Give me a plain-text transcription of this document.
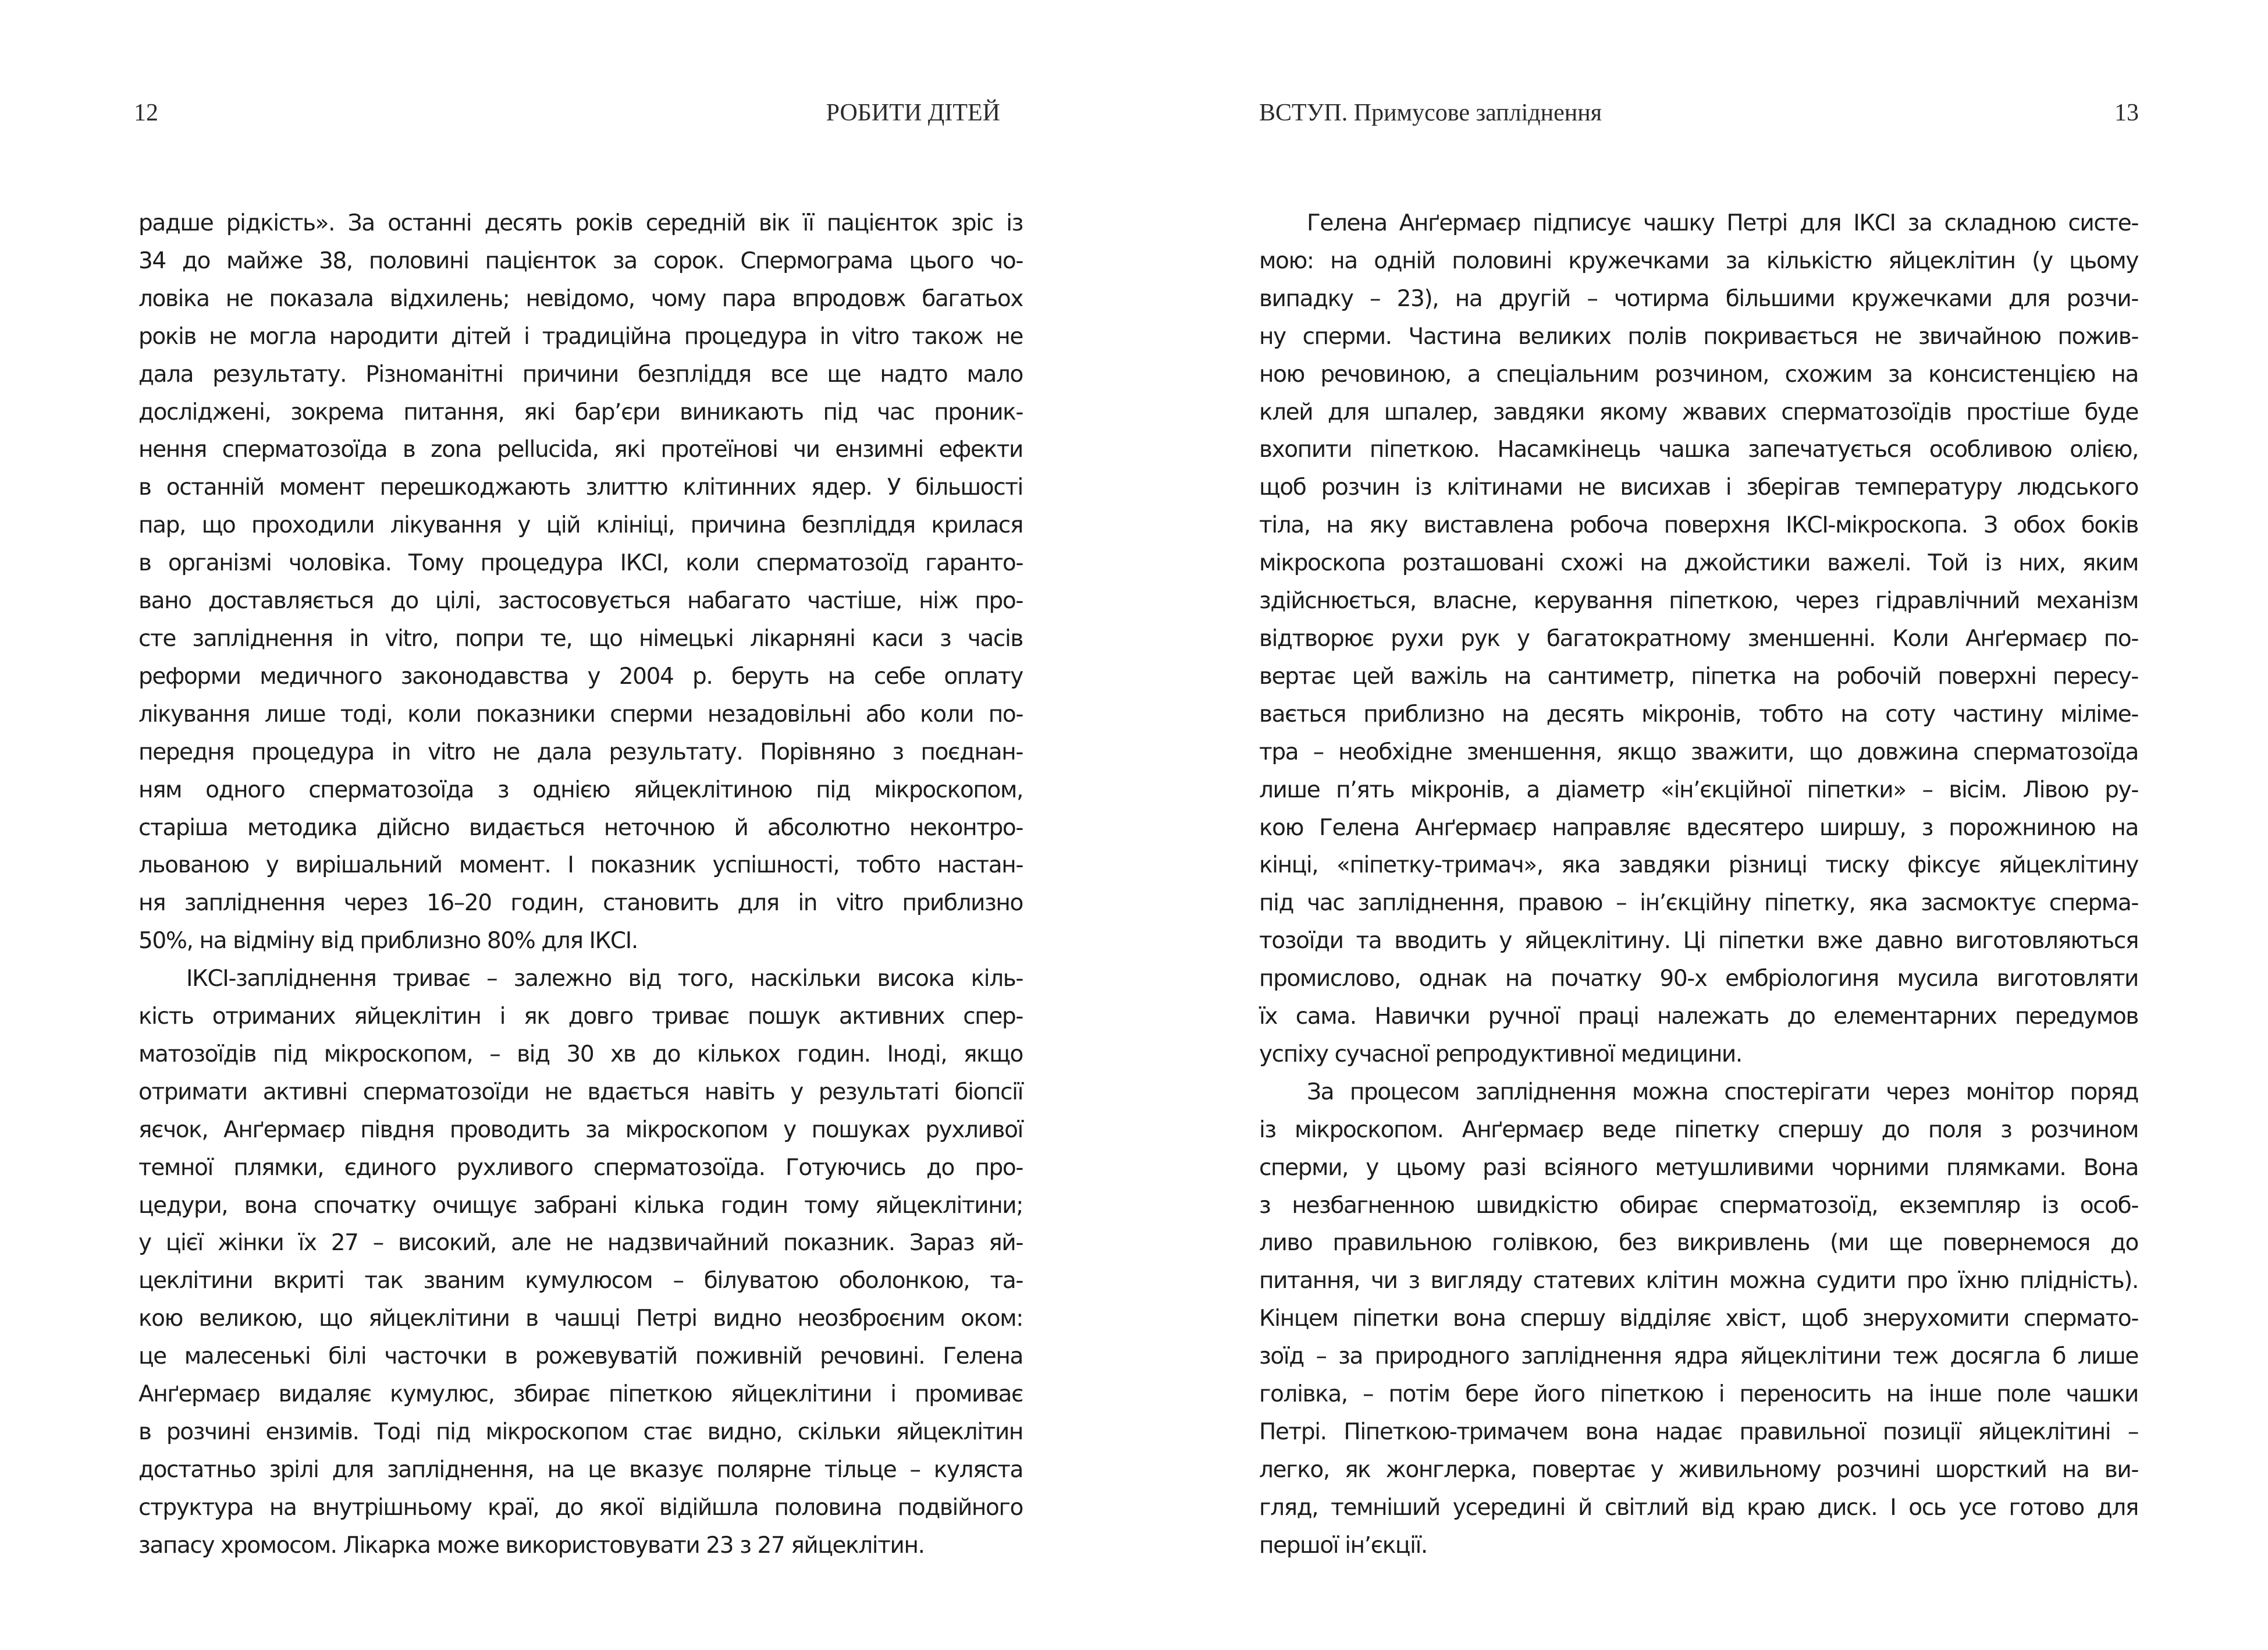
12	РОБИТИ ДІТЕЙ

радше рідкість». За останні десять років середній вік її пацієнток зріс із
34 до майже 38, половині пацієнток за сорок. Спермограма цього чо-
ловіка не показала відхилень; невідомо, чому пара впродовж багатьох
років не могла народити дітей і традиційна процедура in vitro також не
дала результату. Різноманітні причини безпліддя все ще надто мало
досліджені, зокрема питання, які бар’єри виникають під час проник-
нення сперматозоїда в zona pellucida, які протеїнові чи ензимні ефекти
в останній момент перешкоджають злиттю клітинних ядер. У більшості
пар, що проходили лікування у цій клініці, причина безпліддя крилася
в організмі чоловіка. Тому процедура ІКСІ, коли сперматозоїд гаранто-
вано доставляється до цілі, застосовується набагато частіше, ніж про-
сте запліднення in vitro, попри те, що німецькі лікарняні каси з часів
реформи медичного законодавства у 2004 р. беруть на себе оплату
лікування лише тоді, коли показники сперми незадовільні або коли по-
передня процедура in vitro не дала результату. Порівняно з поєднан-
ням одного сперматозоїда з однією яйцеклітиною під мікроскопом,
старіша методика дійсно видається неточною й абсолютно неконтро-
льованою у вирішальний момент. І показник успішності, тобто настан-
ня запліднення через 16–20 годин, становить для in vitro приблизно
50%, на відміну від приблизно 80% для ІКСІ.

ІКСІ-запліднення триває – залежно від того, наскільки висока кіль-
кість отриманих яйцеклітин і як довго триває пошук активних спер-
матозоїдів під мікроскопом, – від 30 хв до кількох годин. Іноді, якщо
отримати активні сперматозоїди не вдається навіть у результаті біопсії
яєчок, Анґермаєр півдня проводить за мікроскопом у пошуках рухливої
темної плямки, єдиного рухливого сперматозоїда. Готуючись до про-
цедури, вона спочатку очищує забрані кілька годин тому яйцеклітини;
у цієї жінки їх 27 – високий, але не надзвичайний показник. Зараз яй-
цеклітини вкриті так званим кумулюсом – білуватою оболонкою, та-
кою великою, що яйцеклітини в чашці Петрі видно неозброєним оком:
це малесенькі білі часточки в рожевуватій поживній речовині. Гелена
Анґермаєр видаляє кумулюс, збирає піпеткою яйцеклітини і промиває
в розчині ензимів. Тоді під мікроскопом стає видно, скільки яйцеклітин
достатньо зрілі для запліднення, на це вказує полярне тільце – куляста
структура на внутрішньому краї, до якої відійшла половина подвійного
запасу хромосом. Лікарка може використовувати 23 з 27 яйцеклітин.

ВСТУП. Примусове запліднення	13

Гелена Анґермаєр підписує чашку Петрі для ІКСІ за складною систе-
мою: на одній половині кружечками за кількістю яйцеклітин (у цьому
випадку – 23), на другій – чотирма більшими кружечками для розчи-
ну сперми. Частина великих полів покривається не звичайною пожив-
ною речовиною, а спеціальним розчином, схожим за консистенцією на
клей для шпалер, завдяки якому жвавих сперматозоїдів простіше буде
вхопити піпеткою. Насамкінець чашка запечатується особливою олією,
щоб розчин із клітинами не висихав і зберігав температуру людського
тіла, на яку виставлена робоча поверхня ІКСІ-мікроскопа. З обох боків
мікроскопа розташовані схожі на джойстики важелі. Той із них, яким
здійснюється, власне, керування піпеткою, через гідравлічний механізм
відтворює рухи рук у багатократному зменшенні. Коли Анґермаєр по-
вертає цей важіль на сантиметр, піпетка на робочій поверхні пересу-
вається приблизно на десять мікронів, тобто на соту частину міліме-
тра – необхідне зменшення, якщо зважити, що довжина сперматозоїда
лише п’ять мікронів, а діаметр «ін’єкційної піпетки» – вісім. Лівою ру-
кою Гелена Анґермаєр направляє вдесятеро ширшу, з порожниною на
кінці, «піпетку-тримач», яка завдяки різниці тиску фіксує яйцеклітину
під час запліднення, правою – ін’єкційну піпетку, яка засмоктує сперма-
тозоїди та вводить у яйцеклітину. Ці піпетки вже давно виготовляються
промислово, однак на початку 90-х ембріологиня мусила виготовляти
їх сама. Навички ручної праці належать до елементарних передумов
успіху сучасної репродуктивної медицини.

За процесом запліднення можна спостерігати через монітор поряд
із мікроскопом. Анґермаєр веде піпетку спершу до поля з розчином
сперми, у цьому разі всіяного метушливими чорними плямками. Вона
з незбагненною швидкістю обирає сперматозоїд, екземпляр із особ-
ливо правильною голівкою, без викривлень (ми ще повернемося до
питання, чи з вигляду статевих клітин можна судити про їхню плідність).
Кінцем піпетки вона спершу відділяє хвіст, щоб знерухомити спермато-
зоїд – за природного запліднення ядра яйцеклітини теж досягла б лише
голівка, – потім бере його піпеткою і переносить на інше поле чашки
Петрі. Піпеткою-тримачем вона надає правильної позиції яйцеклітині –
легко, як жонглерка, повертає у живильному розчині шорсткий на ви-
гляд, темніший усередині й світлий від краю диск. І ось усе готово для
першої ін’єкції.
